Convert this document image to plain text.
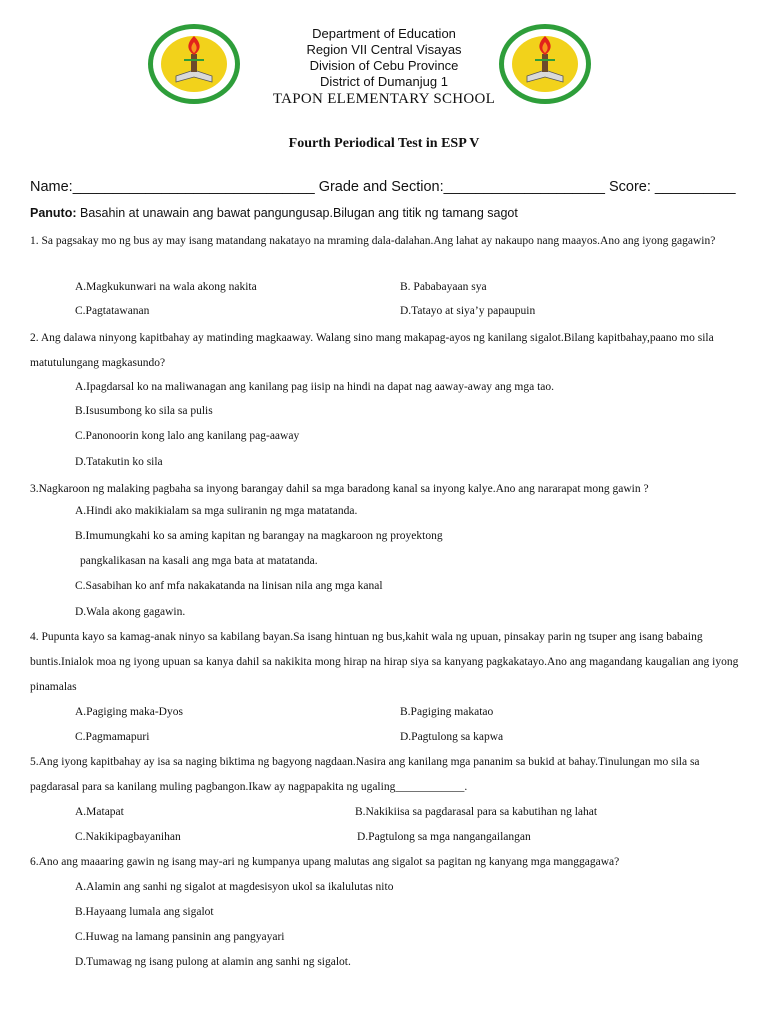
Department of Education
Region VII Central Visayas
Division of Cebu Province
District of Dumanjug 1
TAPON ELEMENTARY SCHOOL
Fourth Periodical Test in ESP V
Name:______________________________ Grade and Section:____________________ Score: __________
Panuto: Basahin at unawain ang bawat pangungusap.Bilugan ang titik ng tamang sagot
1. Sa pagsakay mo ng bus ay may isang matandang nakatayo na mraming dala-dalahan.Ang lahat ay nakaupo nang maayos.Ano ang iyong gagawin?
A.Magkukunwari na wala akong nakita	B. Pababayaan sya
C.Pagtatawanan	D.Tatayo at siya’y papaupuin
2. Ang dalawa ninyong kapitbahay ay matinding magkaaway. Walang sino mang makapag-ayos ng kanilang sigalot.Bilang kapitbahay,paano mo sila matutulungang magkasundo?
A.Ipagdarsal ko na maliwanagan ang kanilang pag iisip na hindi na dapat nag aaway-away ang mga tao.
B.Isusumbong ko sila sa pulis
C.Panonoorin kong lalo ang kanilang pag-aaway
D.Tatakutin ko sila
3.Nagkaroon ng malaking pagbaha sa inyong barangay dahil sa mga baradong kanal sa inyong kalye.Ano ang nararapat mong gawin ?
A.Hindi ako makikialam sa mga suliranin ng mga matatanda.
B.Imumungkahi ko sa aming kapitan ng barangay na magkaroon ng proyektong
pangkalikasan na kasali ang mga bata at matatanda.
C.Sasabihan ko anf mfa nakakatanda na linisan nila ang mga kanal
D.Wala akong gagawin.
4. Pupunta kayo sa kamag-anak ninyo sa kabilang bayan.Sa isang hintuan ng bus,kahit wala ng upuan, pinsakay parin ng tsuper ang isang babaing buntis.Inialok moa ng iyong upuan sa kanya dahil sa nakikita mong hirap na hirap siya sa kanyang pagkakatayo.Ano ang magandang kaugalian ang iyong pinamalas
A.Pagiging maka-Dyos	B.Pagiging makatao
C.Pagmamapuri	D.Pagtulong sa kapwa
5.Ang iyong kapitbahay ay isa sa naging biktima ng bagyong nagdaan.Nasira ang kanilang mga pananim sa bukid at bahay.Tinulungan mo sila sa pagdarasal para sa kanilang muling pagbangon.Ikaw ay nagpapakita ng ugaling____________.
A.Matapat	B.Nakikiisa sa pagdarasal para sa kabutihan ng lahat
C.Nakikipagbayanihan	D.Pagtulong sa mga nangangailangan
6.Ano ang maaaring gawin ng isang may-ari ng kumpanya upang malutas ang sigalot sa pagitan ng kanyang mga manggagawa?
A.Alamin ang sanhi ng sigalot at magdesisyon ukol sa ikalulutas nito
B.Hayaang lumala ang sigalot
C.Huwag na lamang pansinin ang pangyayari
D.Tumawag ng isang pulong at alamin ang sanhi ng sigalot.
